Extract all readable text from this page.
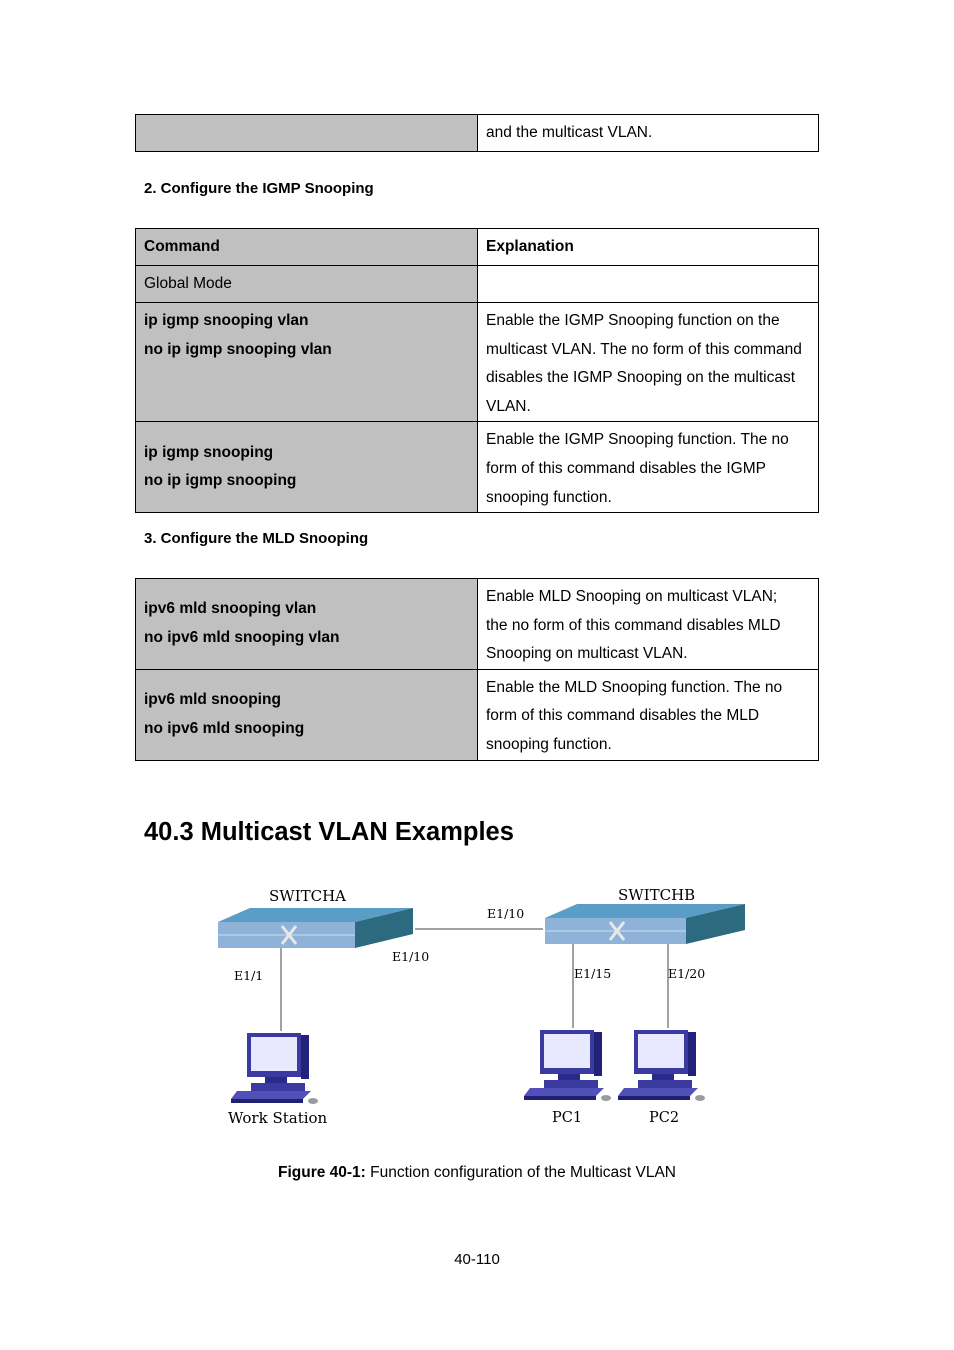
	and the multicast VLAN.
2. Configure the IGMP Snooping
Command	Explanation
Global Mode	

ip igmp snooping vlan
no ip igmp snooping vlan	Enable the IGMP Snooping function on the
multicast VLAN. The no form of this command
disables the IGMP Snooping on the multicast
VLAN.

ip igmp snooping
no ip igmp snooping	Enable the IGMP Snooping function. The no
form of this command disables the IGMP
snooping function.
3. Configure the MLD Snooping
ipv6 mld snooping vlan
no ipv6 mld snooping vlan	Enable MLD Snooping on multicast VLAN;
the no form of this command disables MLD
Snooping on multicast VLAN.

ipv6 mld snooping
no ipv6 mld snooping	Enable the MLD Snooping function. The no
form of this command disables the MLD
snooping function.
40.3 Multicast VLAN Examples
SWITCHA	SWITCHB
E1/10
E1/10
E1/1	E1/15	E1/20
Work Station	PC1	PC2
Figure 40-1: Function configuration of the Multicast VLAN
40-110
